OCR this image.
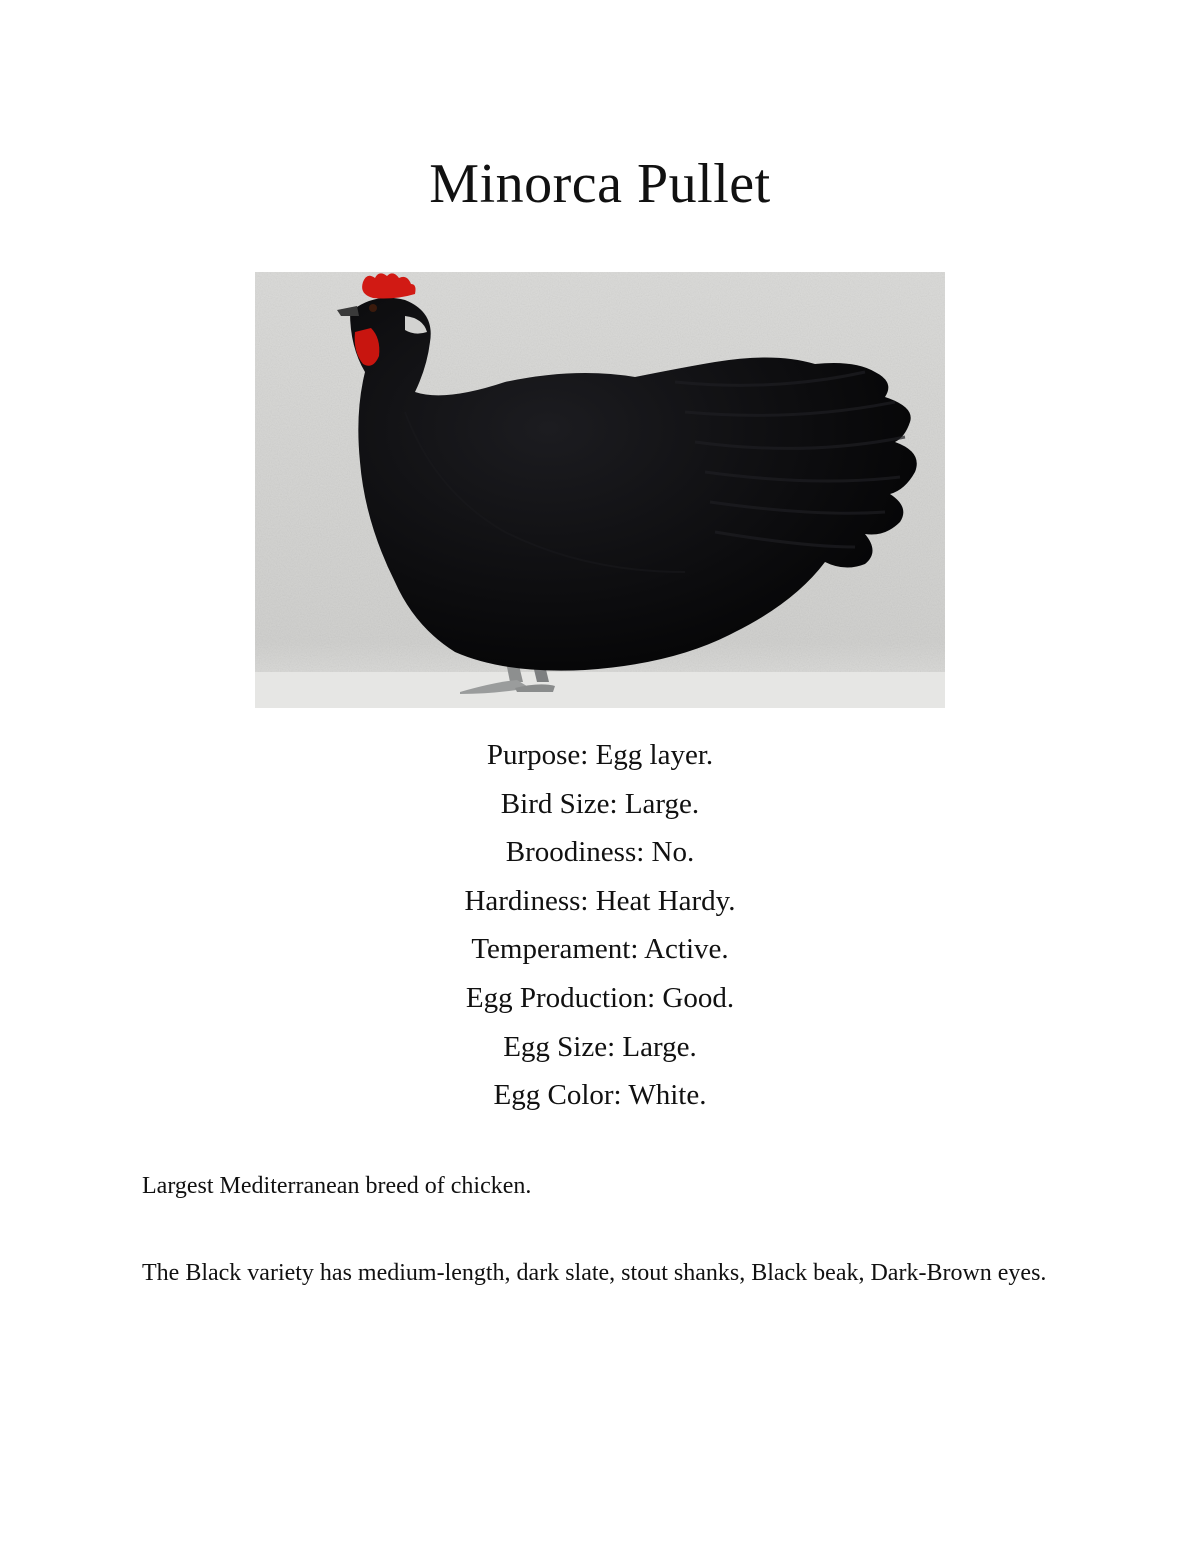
Minorca Pullet
Purpose: Egg layer.
Bird Size: Large.
Broodiness: No.
Hardiness: Heat Hardy.
Temperament: Active.
Egg Production: Good.
Egg Size: Large.
Egg Color: White.

Largest Mediterranean breed of chicken.

The Black variety has medium-length, dark slate, stout shanks, Black beak, Dark-Brown eyes.
